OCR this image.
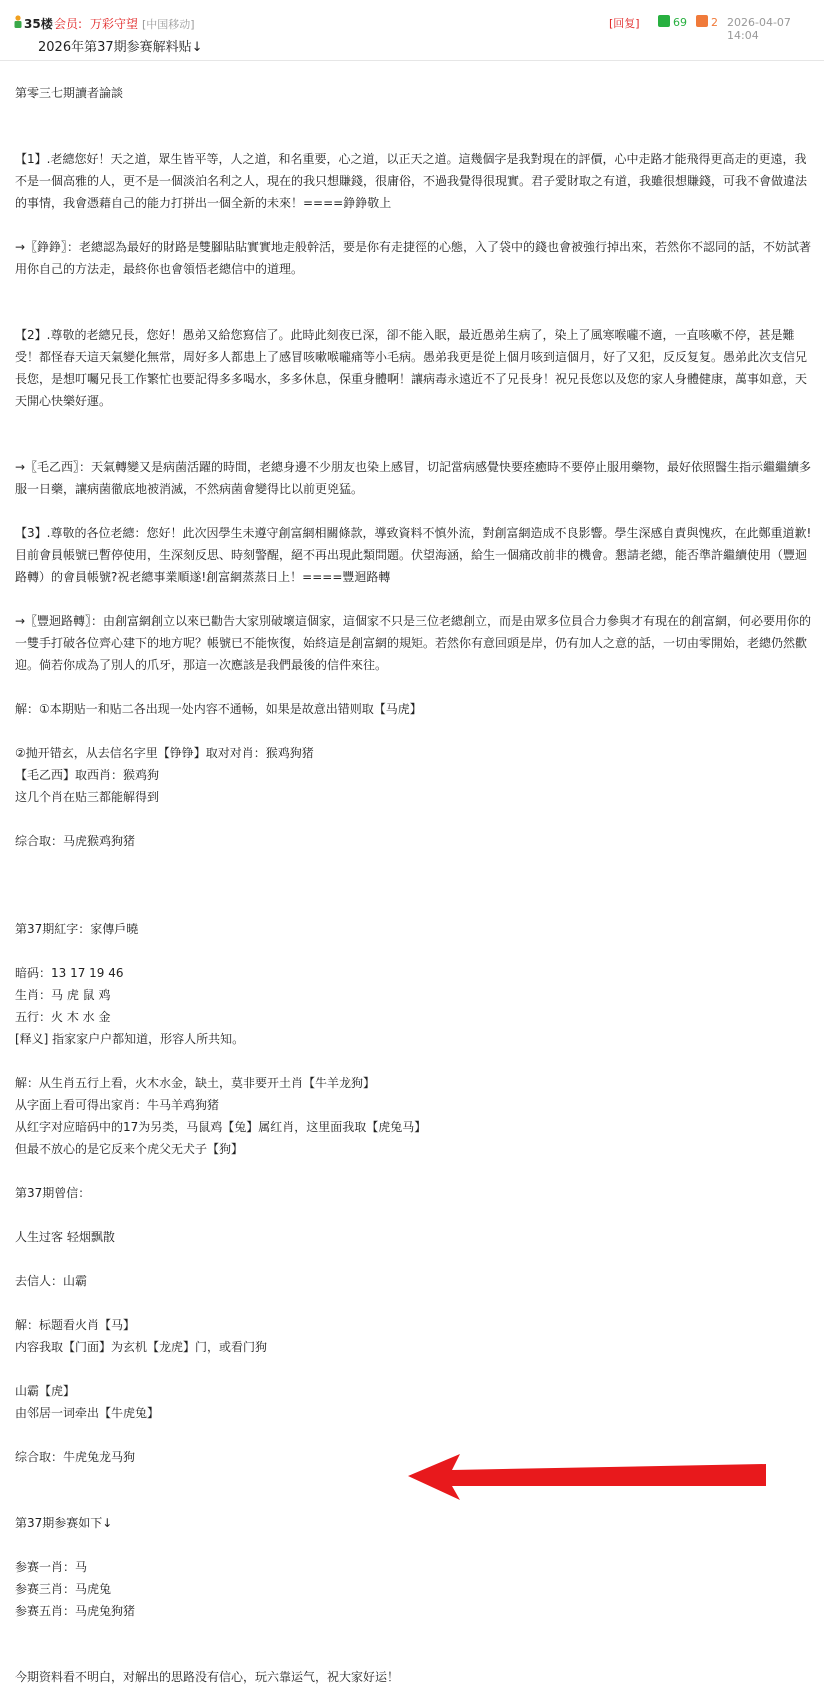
35楼 会员: 万彩守望 [中国移动]	[回复]	69 2 2026-04-07 14:04
2026年第37期参赛解料贴↓

第零三七期讀者論談

【1】.老總您好！天之道，眾生皆平等，人之道，和名重要，心之道，以正天之道。這幾個字是我對現在的評價，心中走路才能飛得更高走的更遠，我不是一個高雅的人，更不是一個淡泊名利之人，現在的我只想賺錢，很庸俗，不過我覺得很現實。君子愛財取之有道，我雖很想賺錢，可我不會做違法的事情，我會憑藉自己的能力打拼出一個全新的未來！====錚錚敬上

→〖錚錚〗：老總認為最好的財路是雙腳貼貼實實地走般幹活，要是你有走捷徑的心態，入了袋中的錢也會被強行掉出來，若然你不認同的話，不妨試著用你自己的方法走，最終你也會領悟老總信中的道理。

【2】.尊敬的老總兄長，您好！愚弟又給您寫信了。此時此刻夜已深，卻不能入眠，最近愚弟生病了，染上了風寒喉嚨不適，一直咳嗽不停，甚是難受！都怪春天這天氣變化無常，周好多人都患上了感冒咳嗽喉嚨痛等小毛病。愚弟我更是從上個月咳到這個月，好了又犯，反反复复。愚弟此次支信兄長您，是想叮囑兄長工作繁忙也要記得多多喝水，多多休息，保重身體啊！讓病毒永遠近不了兄長身！祝兄長您以及您的家人身體健康，萬事如意，天天開心快樂好運。

→〖毛乙西〗：天氣轉變又是病菌活躍的時間，老總身邊不少朋友也染上感冒，切記當病感覺快要痊癒時不要停止服用藥物，最好依照醫生指示繼繼續多服一日藥，讓病菌徹底地被消滅，不然病菌會變得比以前更兇猛。

【3】.尊敬的各位老總：您好！此次因學生未遵守創富網相關條款，導致資料不慎外流，對創富網造成不良影響。學生深感自責與愧疚，在此鄭重道歉!目前會員帳號已暫停使用，生深刻反思、時刻警醒，絕不再出現此類問題。伏望海涵，給生一個痛改前非的機會。懇請老總，能否準許繼續使用（豐迴路轉）的會員帳號?祝老總事業順遂!創富網蒸蒸日上！====豐迴路轉

→〖豐迴路轉〗：由創富網創立以來已勸告大家別破壞這個家，這個家不只是三位老總創立，而是由眾多位員合力參與才有現在的創富網，何必要用你的一雙手打破各位齊心建下的地方呢？帳號已不能恢復，始終這是創富網的規矩。若然你有意回頭是岸，仍有加人之意的話，一切由零開始，老總仍然歡迎。倘若你成為了別人的爪牙，那這一次應該是我們最後的信件來往。

解：①本期贴一和贴二各出现一处内容不通畅，如果是故意出错则取【马虎】

②抛开错玄，从去信名字里【铮铮】取对对肖：猴鸡狗猪

【毛乙西】取西肖：猴鸡狗

这几个肖在贴三都能解得到

综合取：马虎猴鸡狗猪

第37期紅字：家傳戶曉

暗码：13 17 19 46

生肖：马 虎 鼠 鸡

五行：火 木 水 金

[释义] 指家家户户都知道，形容人所共知。

解：从生肖五行上看，火木水金，缺土，莫非要开土肖【牛羊龙狗】

从字面上看可得出家肖：牛马羊鸡狗猪

从红字对应暗码中的17为另类，马鼠鸡【兔】属红肖，这里面我取【虎兔马】

但最不放心的是它反来个虎父无犬子【狗】

第37期曾信：

人生过客 轻烟飘散

去信人：山霸

解：标题看火肖【马】

内容我取【门面】为玄机【龙虎】门，或看门狗

山霸【虎】

由邻居一词牵出【牛虎兔】

综合取：牛虎兔龙马狗

第37期参赛如下↓

参赛一肖：马

参赛三肖：马虎兔

参赛五肖：马虎兔狗猪

今期资料看不明白，对解出的思路没有信心，玩六靠运气，祝大家好运！
